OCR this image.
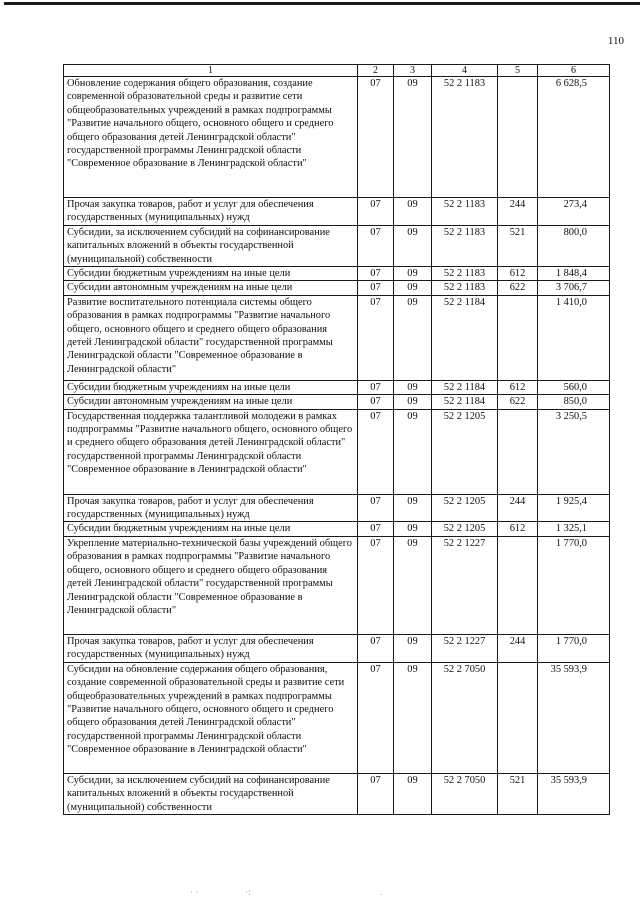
110
1	2	3	4	5	6
Обновление содержания общего образования, создание современной образовательной среды и развитие сети общеобразовательных учреждений в рамках подпрограммы "Развитие начального общего, основного общего и среднего общего образования детей Ленинградской области" государственной программы Ленинградской области "Современное образование в Ленинградской области"	07	09	52 2 1183		6 628,5
Прочая закупка товаров, работ и услуг для обеспечения государственных (муниципальных) нужд	07	09	52 2 1183	244	273,4
Субсидии, за исключением субсидий на софинансирование капитальных вложений в объекты государственной (муниципальной) собственности	07	09	52 2 1183	521	800,0
Субсидии бюджетным учреждениям на иные цели	07	09	52 2 1183	612	1 848,4
Субсидии автономным учреждениям на иные цели	07	09	52 2 1183	622	3 706,7
Развитие воспитательного потенциала системы общего образования в рамках подпрограммы "Развитие начального общего, основного общего и среднего общего образования детей Ленинградской области" государственной программы Ленинградской области "Современное образование в Ленинградской области"	07	09	52 2 1184		1 410,0
Субсидии бюджетным учреждениям на иные цели	07	09	52 2 1184	612	560,0
Субсидии автономным учреждениям на иные цели	07	09	52 2 1184	622	850,0
Государственная поддержка талантливой молодежи в рамках подпрограммы "Развитие начального общего, основного общего и среднего общего образования детей Ленинградской области" государственной программы Ленинградской области "Современное образование в Ленинградской области"	07	09	52 2 1205		3 250,5
Прочая закупка товаров, работ и услуг для обеспечения государственных (муниципальных) нужд	07	09	52 2 1205	244	1 925,4
Субсидии бюджетным учреждениям на иные цели	07	09	52 2 1205	612	1 325,1
Укрепление материально-технической базы учреждений общего образования в рамках подпрограммы "Развитие начального общего, основного общего и среднего общего образования детей Ленинградской области" государственной программы Ленинградской области "Современное образование в Ленинградской области"	07	09	52 2 1227		1 770,0
Прочая закупка товаров, работ и услуг для обеспечения государственных (муниципальных) нужд	07	09	52 2 1227	244	1 770,0
Субсидии на обновление содержания общего образования, создание современной образовательной среды и развитие сети общеобразовательных учреждений в рамках подпрограммы "Развитие начального общего, основного общего и среднего общего образования детей Ленинградской области" государственной программы Ленинградской области "Современное образование в Ленинградской области"	07	09	52 2 7050		35 593,9
Субсидии, за исключением субсидий на софинансирование капитальных вложений в объекты государственной (муниципальной) собственности	07	09	52 2 7050	521	35 593,9
· ·	·:	.
